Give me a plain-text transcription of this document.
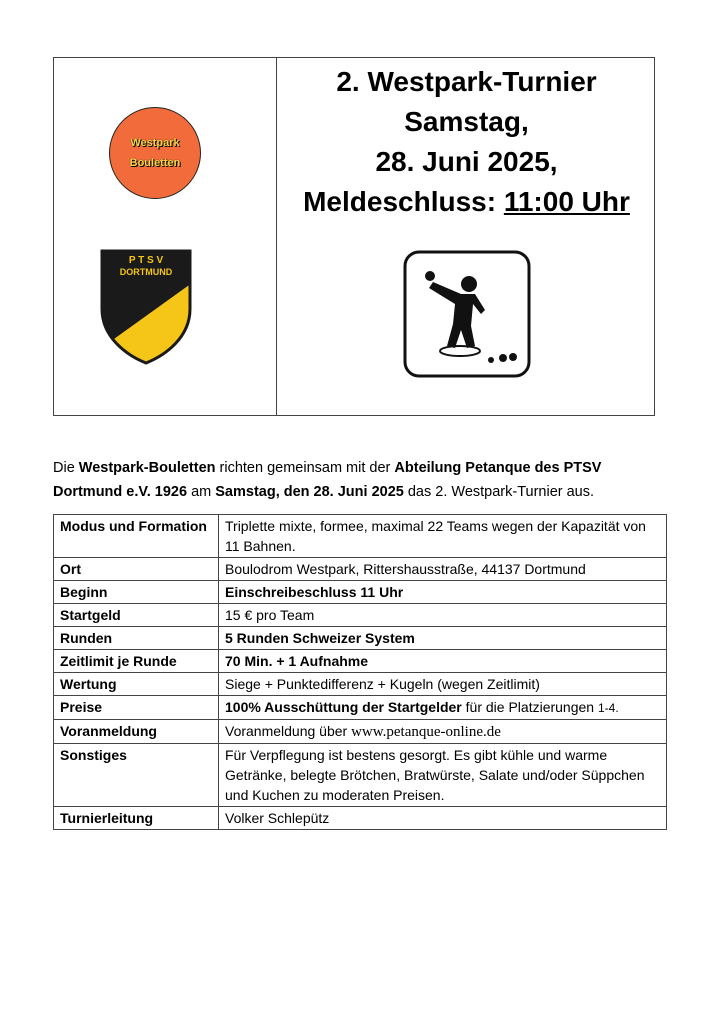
Westpark
Bouletten
P T S V
DORTMUND

2. Westpark-Turnier

Samstag,

28. Juni 2025,

Meldeschluss: 11:00 Uhr

Die Westpark-Bouletten richten gemeinsam mit der Abteilung Petanque des PTSV Dortmund e.V. 1926 am Samstag, den 28. Juni 2025 das 2. Westpark-Turnier aus.
Modus und Formation	Triplette mixte, formee, maximal 22 Teams wegen der Kapazität von 11 Bahnen.
Ort	Boulodrom Westpark, Rittershausstraße, 44137 Dortmund
Beginn	Einschreibeschluss 11 Uhr
Startgeld	15 € pro Team
Runden	5 Runden Schweizer System
Zeitlimit je Runde	70 Min. + 1 Aufnahme
Wertung	Siege + Punktedifferenz + Kugeln (wegen Zeitlimit)
Preise	100% Ausschüttung der Startgelder für die Platzierungen 1-4.
Voranmeldung	Voranmeldung über www.petanque-online.de
Sonstiges	Für Verpflegung ist bestens gesorgt. Es gibt kühle und warme Getränke, belegte Brötchen, Bratwürste, Salate und/oder Süppchen und Kuchen zu moderaten Preisen.
Turnierleitung	Volker Schlepütz
